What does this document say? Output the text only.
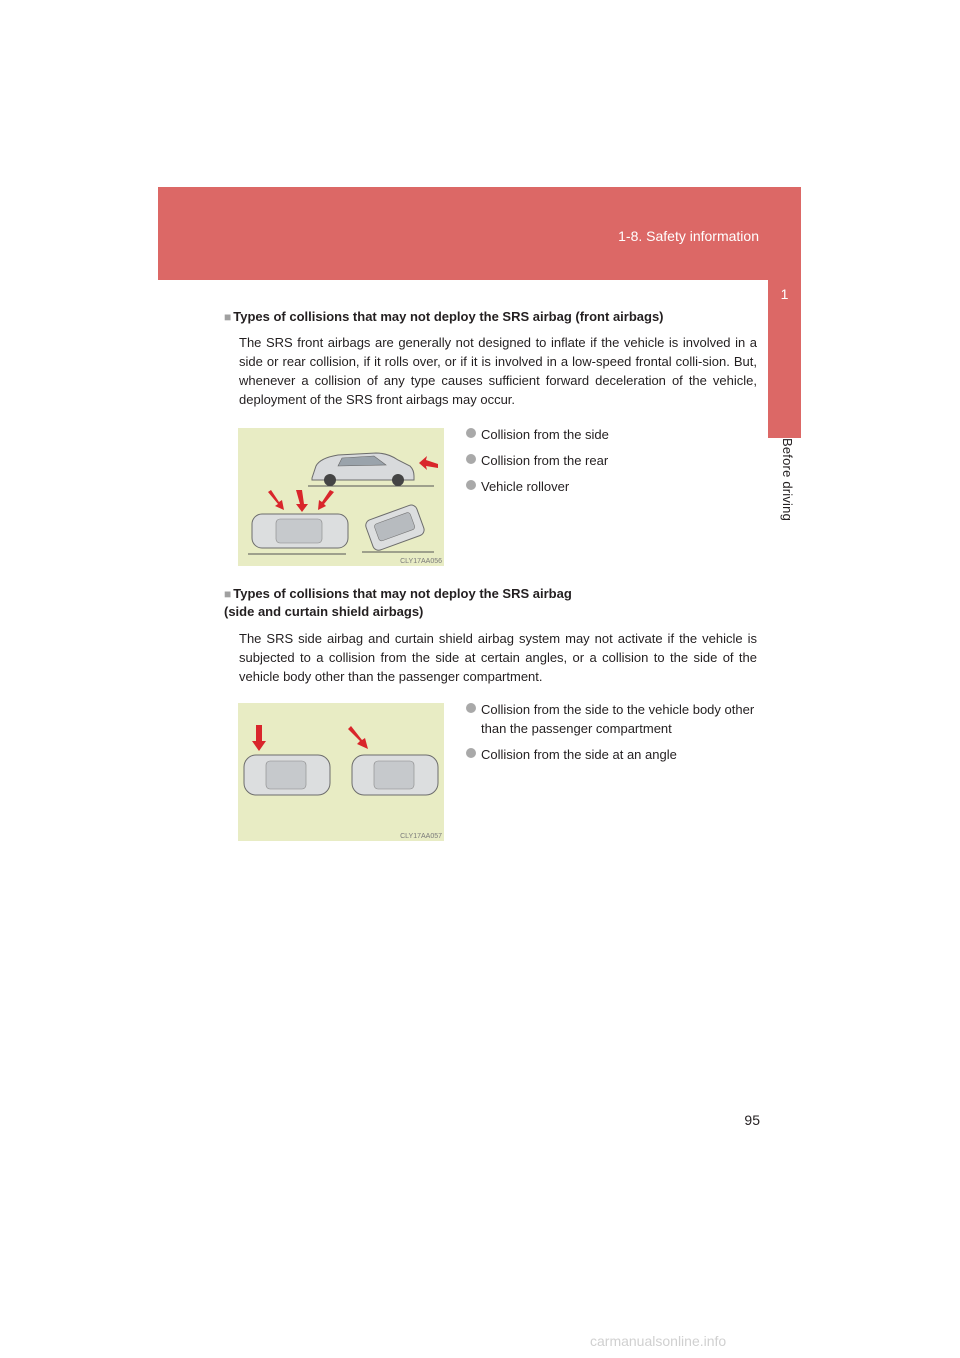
1-8. Safety information
1
Before driving
■ Types of collisions that may not deploy the SRS airbag (front airbags)
The SRS front airbags are generally not designed to inflate if the vehicle is involved in a side or rear collision, if it rolls over, or if it is involved in a low-speed frontal colli-sion. But, whenever a collision of any type causes sufficient forward deceleration of the vehicle, deployment of the SRS front airbags may occur.
CLY17AA056
Collision from the side
Collision from the rear
Vehicle rollover
■ Types of collisions that may not deploy the SRS airbag
(side and curtain shield airbags)
The SRS side airbag and curtain shield airbag system may not activate if the vehicle is subjected to a collision from the side at certain angles, or a collision to the side of the vehicle body other than the passenger compartment.
CLY17AA057
Collision from the side to the vehicle body other than the passenger compartment
Collision from the side at an angle
95
carmanualsonline.info
